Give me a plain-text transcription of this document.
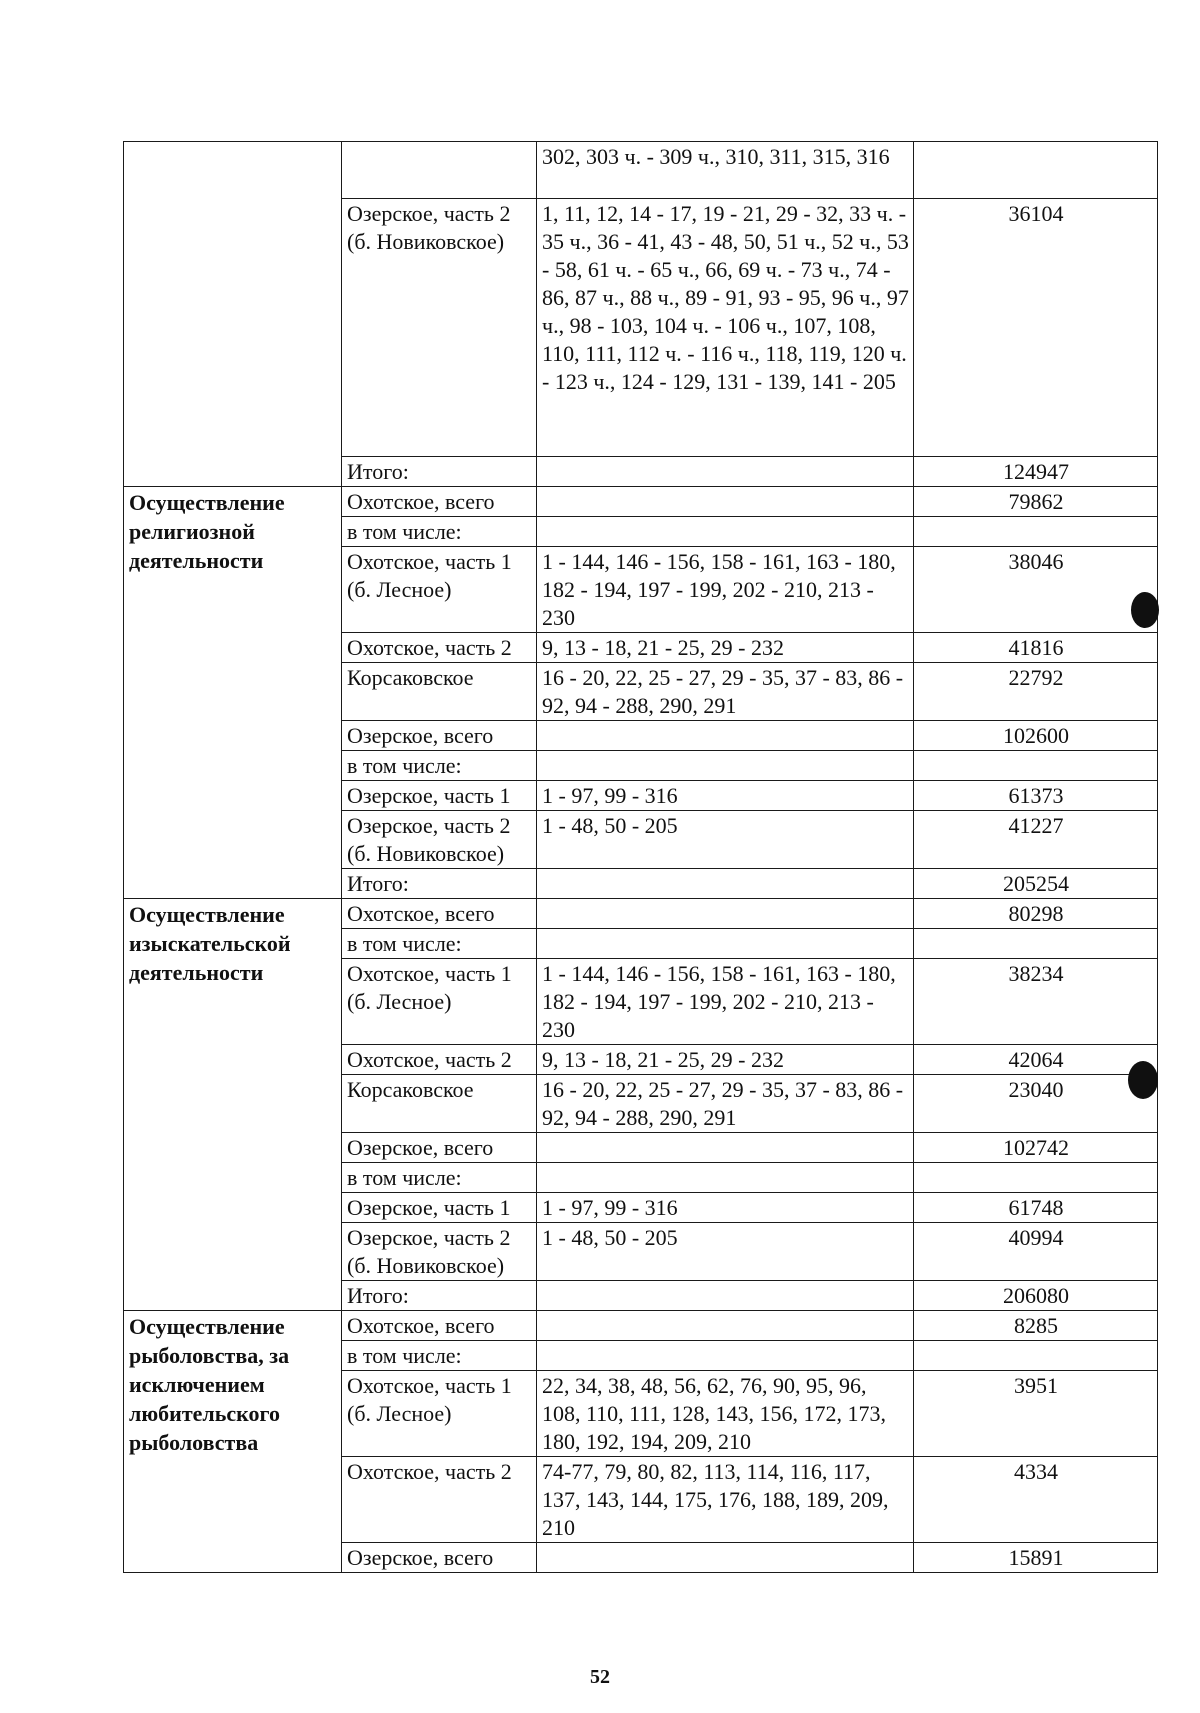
		302, 303 ч. - 309 ч., 310, 311, 315, 316	
	Озерское, часть 2 (б. Новиковское)	1, 11, 12, 14 - 17, 19 - 21, 29 - 32, 33 ч. - 35 ч., 36 - 41, 43 - 48, 50, 51 ч., 52 ч., 53 - 58, 61 ч. - 65 ч., 66, 69 ч. - 73 ч., 74 - 86, 87 ч., 88 ч., 89 - 91, 93 - 95, 96 ч., 97 ч., 98 - 103, 104 ч. - 106 ч., 107, 108, 110, 111, 112 ч. - 116 ч., 118, 119, 120 ч. - 123 ч., 124 - 129, 131 - 139, 141 - 205	36104
	Итого:		124947
Осуществление религиозной деятельности	Охотское, всего		79862
	в том числе:		
	Охотское, часть 1 (б. Лесное)	1 - 144, 146 - 156, 158 - 161, 163 - 180, 182 - 194, 197 - 199, 202 - 210, 213 - 230	38046
	Охотское, часть 2	9, 13 - 18, 21 - 25, 29 - 232	41816
	Корсаковское	16 - 20, 22, 25 - 27, 29 - 35, 37 - 83, 86 - 92, 94 - 288, 290, 291	22792
	Озерское, всего		102600
	в том числе:		
	Озерское, часть 1	1 - 97, 99 - 316	61373
	Озерское, часть 2 (б. Новиковское)	1 - 48, 50 - 205	41227
	Итого:		205254
Осуществление изыскательской деятельности	Охотское, всего		80298
	в том числе:		
	Охотское, часть 1 (б. Лесное)	1 - 144, 146 - 156, 158 - 161, 163 - 180, 182 - 194, 197 - 199, 202 - 210, 213 - 230	38234
	Охотское, часть 2	9, 13 - 18, 21 - 25, 29 - 232	42064
	Корсаковское	16 - 20, 22, 25 - 27, 29 - 35, 37 - 83, 86 - 92, 94 - 288, 290, 291	23040
	Озерское, всего		102742
	в том числе:		
	Озерское, часть 1	1 - 97, 99 - 316	61748
	Озерское, часть 2 (б. Новиковское)	1 - 48, 50 - 205	40994
	Итого:		206080
Осуществление рыболовства, за исключением любительского рыболовства	Охотское, всего		8285
	в том числе:		
	Охотское, часть 1 (б. Лесное)	22, 34, 38, 48, 56, 62, 76, 90, 95, 96, 108, 110, 111, 128, 143, 156, 172, 173, 180, 192, 194, 209, 210	3951
	Охотское, часть 2	74-77, 79, 80, 82, 113, 114, 116, 117, 137, 143, 144, 175, 176, 188, 189, 209, 210	4334
	Озерское, всего		15891
52
